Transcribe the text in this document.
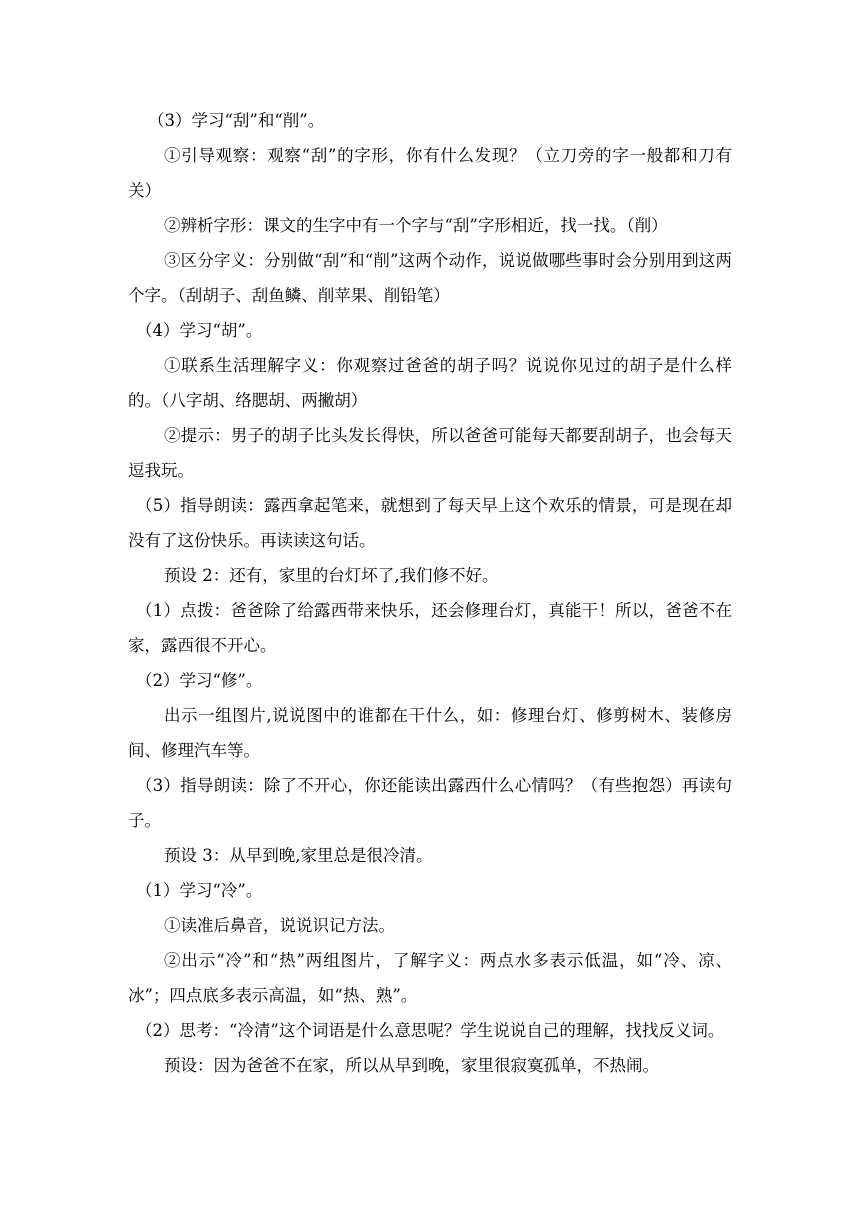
（3）学习“刮”和“削”。

①引导观察：观察“刮”的字形，你有什么发现？（立刀旁的字一般都和刀有关）

②辨析字形：课文的生字中有一个字与“刮”字形相近，找一找。（削）

③区分字义：分别做“刮”和“削”这两个动作，说说做哪些事时会分别用到这两个字。（刮胡子、刮鱼鳞、削苹果、削铅笔）

（4）学习“胡”。

①联系生活理解字义：你观察过爸爸的胡子吗？说说你见过的胡子是什么样的。（八字胡、络腮胡、两撇胡）

②提示：男子的胡子比头发长得快，所以爸爸可能每天都要刮胡子，也会每天逗我玩。

（5）指导朗读：露西拿起笔来，就想到了每天早上这个欢乐的情景，可是现在却没有了这份快乐。再读读这句话。

预设 2：还有，家里的台灯坏了,我们修不好。

（1）点拨：爸爸除了给露西带来快乐，还会修理台灯，真能干！所以，爸爸不在家，露西很不开心。

（2）学习“修”。

出示一组图片,说说图中的谁都在干什么，如：修理台灯、修剪树木、装修房间、修理汽车等。

（3）指导朗读：除了不开心，你还能读出露西什么心情吗？（有些抱怨）再读句子。

预设 3：从早到晚,家里总是很冷清。

（1）学习“冷”。

①读准后鼻音，说说识记方法。

②出示“冷”和“热”两组图片，了解字义：两点水多表示低温，如“冷、凉、冰”；四点底多表示高温，如“热、熟”。

（2）思考：“冷清”这个词语是什么意思呢？学生说说自己的理解，找找反义词。

预设：因为爸爸不在家，所以从早到晚，家里很寂寞孤单，不热闹。
